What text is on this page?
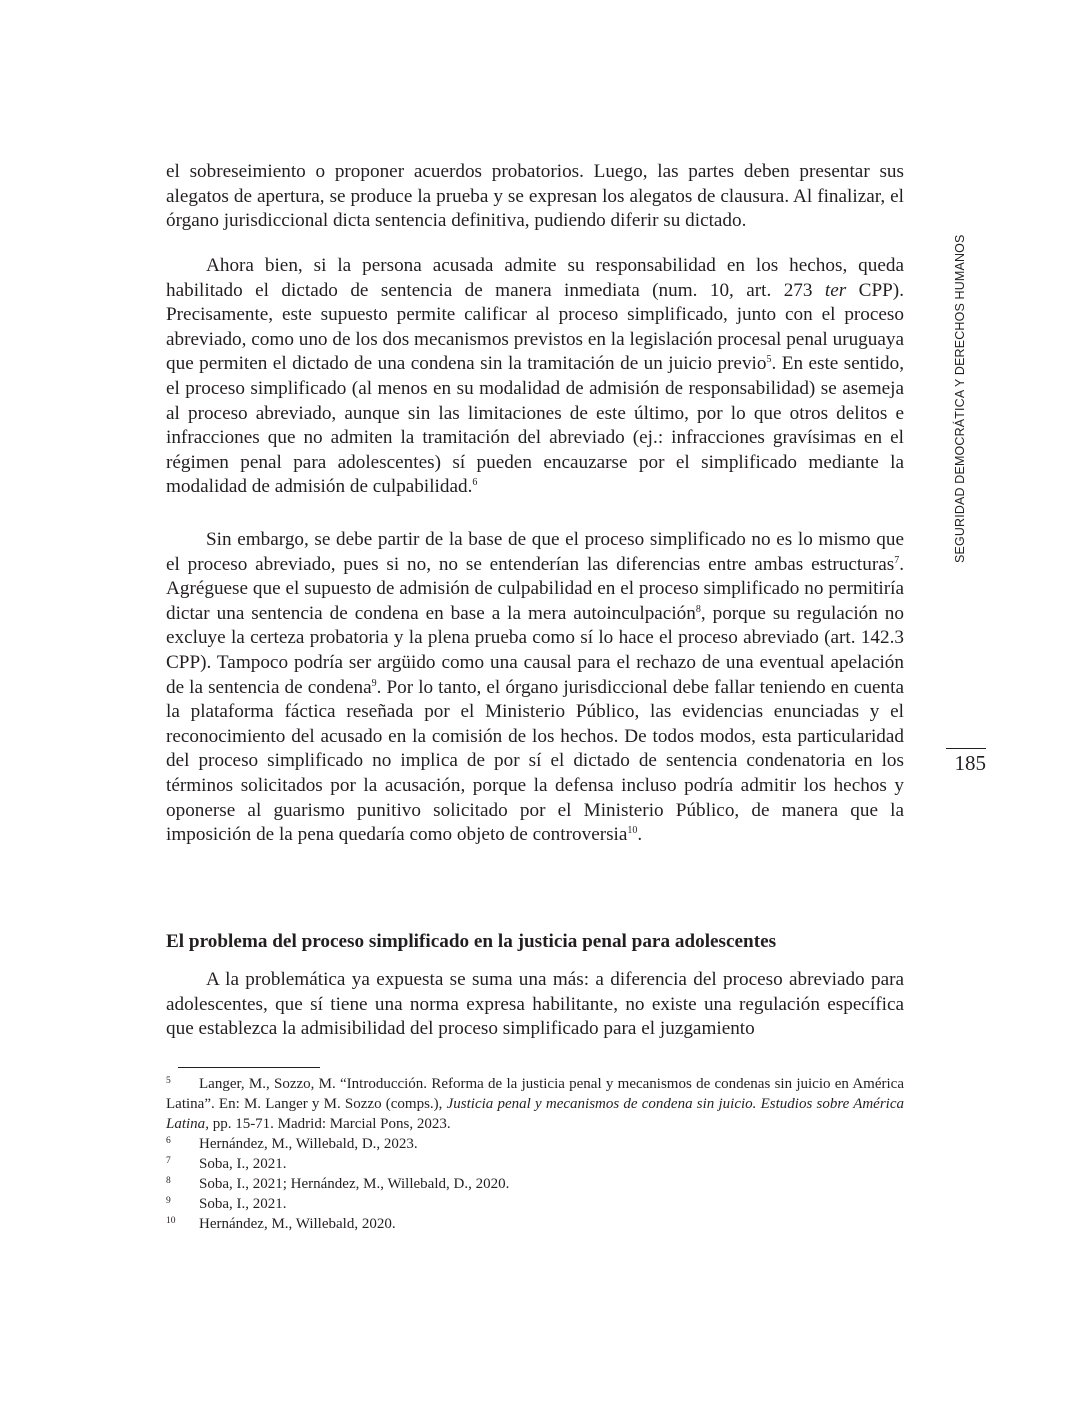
SEGURIDAD DEMOCRÁTICA Y DERECHOS HUMANOS
185

el sobreseimiento o proponer acuerdos probatorios. Luego, las partes deben presentar sus alegatos de apertura, se produce la prueba y se expresan los alegatos de clausura. Al finalizar, el órgano jurisdiccional dicta sentencia definitiva, pudiendo diferir su dictado.

Ahora bien, si la persona acusada admite su responsabilidad en los hechos, queda habilitado el dictado de sentencia de manera inmediata (num. 10, art. 273 ter CPP). Precisamente, este supuesto permite calificar al proceso simplificado, junto con el proceso abreviado, como uno de los dos mecanismos previstos en la legislación procesal penal uruguaya que permiten el dictado de una condena sin la tramitación de un juicio previo$^5$. En este sentido, el proceso simplificado (al menos en su modalidad de admisión de responsabilidad) se asemeja al proceso abreviado, aunque sin las limitaciones de este último, por lo que otros delitos e infracciones que no admiten la tramitación del abreviado (ej.: infracciones gravísimas en el régimen penal para adolescentes) sí pueden encauzarse por el simplificado mediante la modalidad de admisión de culpabilidad.$^6$

Sin embargo, se debe partir de la base de que el proceso simplificado no es lo mismo que el proceso abreviado, pues si no, no se entenderían las diferencias entre ambas estructuras$^7$. Agréguese que el supuesto de admisión de culpabilidad en el proceso simplificado no permitiría dictar una sentencia de condena en base a la mera autoinculpación$^8$, porque su regulación no excluye la certeza probatoria y la plena prueba como sí lo hace el proceso abreviado (art. 142.3 CPP). Tampoco podría ser argüido como una causal para el rechazo de una eventual apelación de la sentencia de condena$^9$. Por lo tanto, el órgano jurisdiccional debe fallar teniendo en cuenta la plataforma fáctica reseñada por el Ministerio Público, las evidencias enunciadas y el reconocimiento del acusado en la comisión de los hechos. De todos modos, esta particularidad del proceso simplificado no implica de por sí el dictado de sentencia condenatoria en los términos solicitados por la acusación, porque la defensa incluso podría admitir los hechos y oponerse al guarismo punitivo solicitado por el Ministerio Público, de manera que la imposición de la pena quedaría como objeto de controversia$^{10}$.

El problema del proceso simplificado en la justicia penal para adolescentes

A la problemática ya expuesta se suma una más: a diferencia del proceso abreviado para adolescentes, que sí tiene una norma expresa habilitante, no existe una regulación específica que establezca la admisibilidad del proceso simplificado para el juzgamiento

5	Langer, M., Sozzo, M. “Introducción. Reforma de la justicia penal y mecanismos de condenas sin juicio en América Latina”. En: M. Langer y M. Sozzo (comps.), Justicia penal y mecanismos de condena sin juicio. Estudios sobre América Latina, pp. 15-71. Madrid: Marcial Pons, 2023.

6	Hernández, M., Willebald, D., 2023.

7	Soba, I., 2021.

8	Soba, I., 2021; Hernández, M., Willebald, D., 2020.

9	Soba, I., 2021.

10	Hernández, M., Willebald, 2020.
